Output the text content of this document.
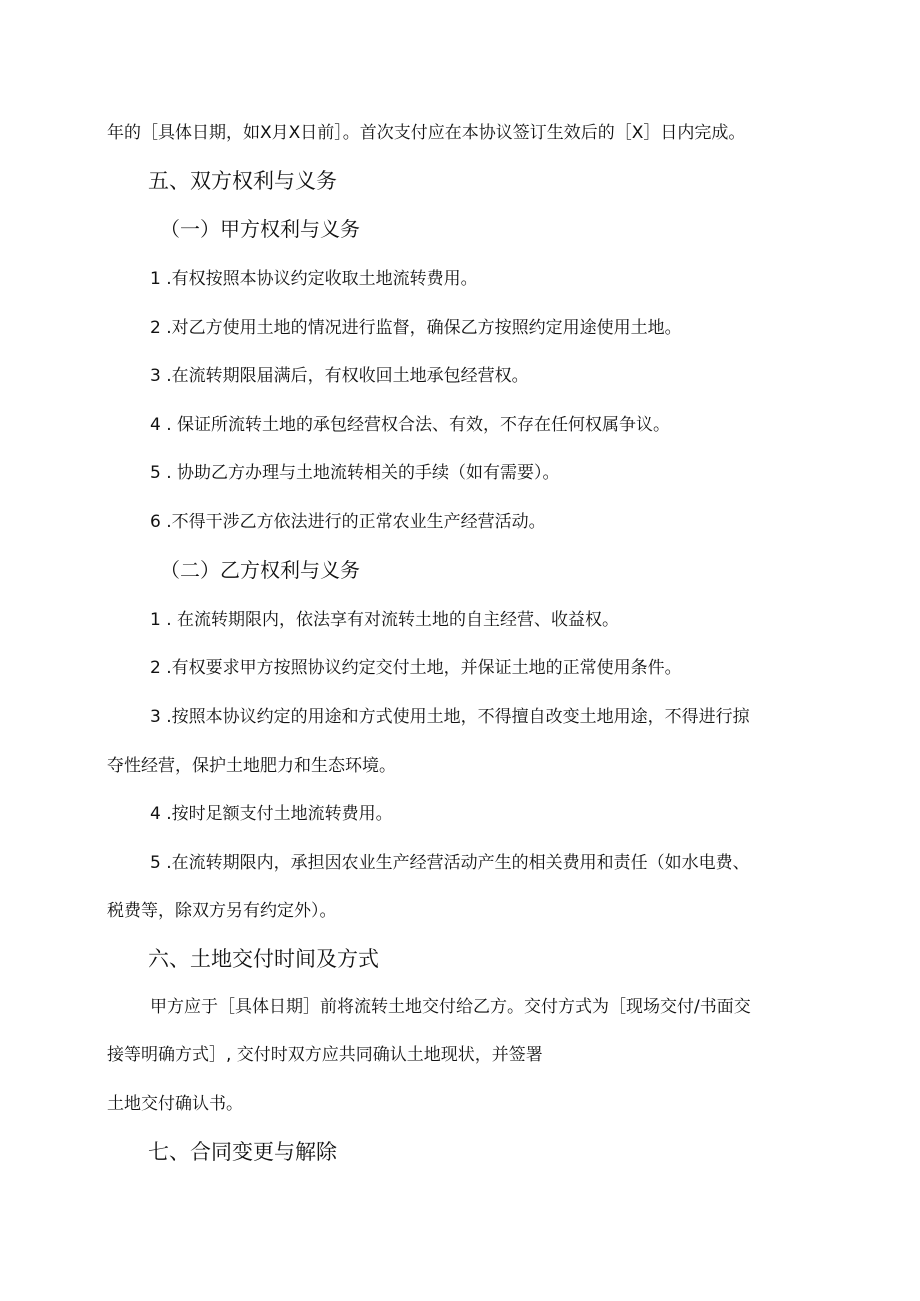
年的［具体日期，如X月X日前］。首次支付应在本协议签订生效后的［X］日内完成。
五、双方权利与义务
（一）甲方权利与义务
1 .有权按照本协议约定收取土地流转费用。
2 .对乙方使用土地的情况进行监督，确保乙方按照约定用途使用土地。
3 .在流转期限届满后，有权收回土地承包经营权。
4 . 保证所流转土地的承包经营权合法、有效，不存在任何权属争议。
5 . 协助乙方办理与土地流转相关的手续（如有需要）。
6 .不得干涉乙方依法进行的正常农业生产经营活动。
（二）乙方权利与义务
1 . 在流转期限内，依法享有对流转土地的自主经营、收益权。
2 .有权要求甲方按照协议约定交付土地，并保证土地的正常使用条件。
3 .按照本协议约定的用途和方式使用土地，不得擅自改变土地用途，不得进行掠
夺性经营，保护土地肥力和生态环境。
4 .按时足额支付土地流转费用。
5 .在流转期限内，承担因农业生产经营活动产生的相关费用和责任（如水电费、
税费等，除双方另有约定外）。
六、土地交付时间及方式
甲方应于［具体日期］前将流转土地交付给乙方。交付方式为［现场交付/书面交
接等明确方式］, 交付时双方应共同确认土地现状，并签署
土地交付确认书。
七、合同变更与解除
